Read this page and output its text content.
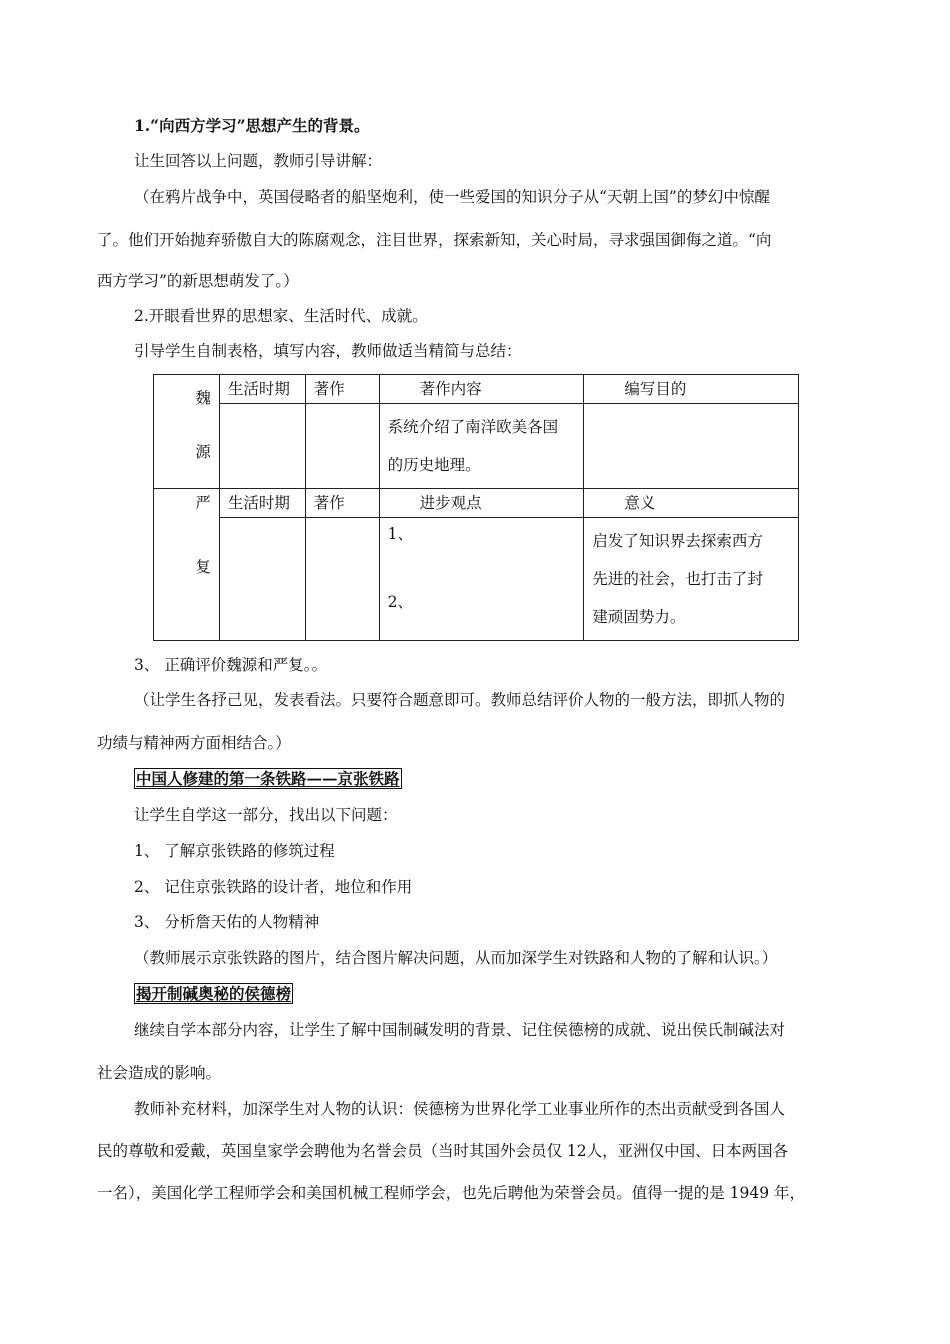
1.“向西方学习”思想产生的背景。
让生回答以上问题，教师引导讲解：
（在鸦片战争中，英国侵略者的船坚炮利，使一些爱国的知识分子从“天朝上国”的梦幻中惊醒
了。他们开始抛弃骄傲自大的陈腐观念，注目世界，探索新知，关心时局，寻求强国御侮之道。“向
西方学习”的新思想萌发了。）
2.开眼看世界的思想家、生活时代、成就。
引导学生自制表格，填写内容，教师做适当精简与总结：
魏
源	生活时期	著作	著作内容	编写目的

			系统介绍了南洋欧美各国
的历史地理。	

严
复	生活时期	著作	进步观点	意义

			1、
2、	启发了知识界去探索西方
先进的社会，也打击了封
建顽固势力。
3、 正确评价魏源和严复。。
（让学生各抒己见，发表看法。只要符合题意即可。教师总结评价人物的一般方法，即抓人物的
功绩与精神两方面相结合。）
中国人修建的第一条铁路——京张铁路
让学生自学这一部分，找出以下问题：
1、 了解京张铁路的修筑过程
2、 记住京张铁路的设计者，地位和作用
3、 分析詹天佑的人物精神
（教师展示京张铁路的图片，结合图片解决问题，从而加深学生对铁路和人物的了解和认识。）
揭开制碱奥秘的侯德榜
继续自学本部分内容，让学生了解中国制碱发明的背景、记住侯德榜的成就、说出侯氏制碱法对
社会造成的影响。
教师补充材料，加深学生对人物的认识：侯德榜为世界化学工业事业所作的杰出贡献受到各国人
民的尊敬和爱戴，英国皇家学会聘他为名誉会员（当时其国外会员仅 12人，亚洲仅中国、日本两国各
一名），美国化学工程师学会和美国机械工程师学会，也先后聘他为荣誉会员。值得一提的是 1949 年，
